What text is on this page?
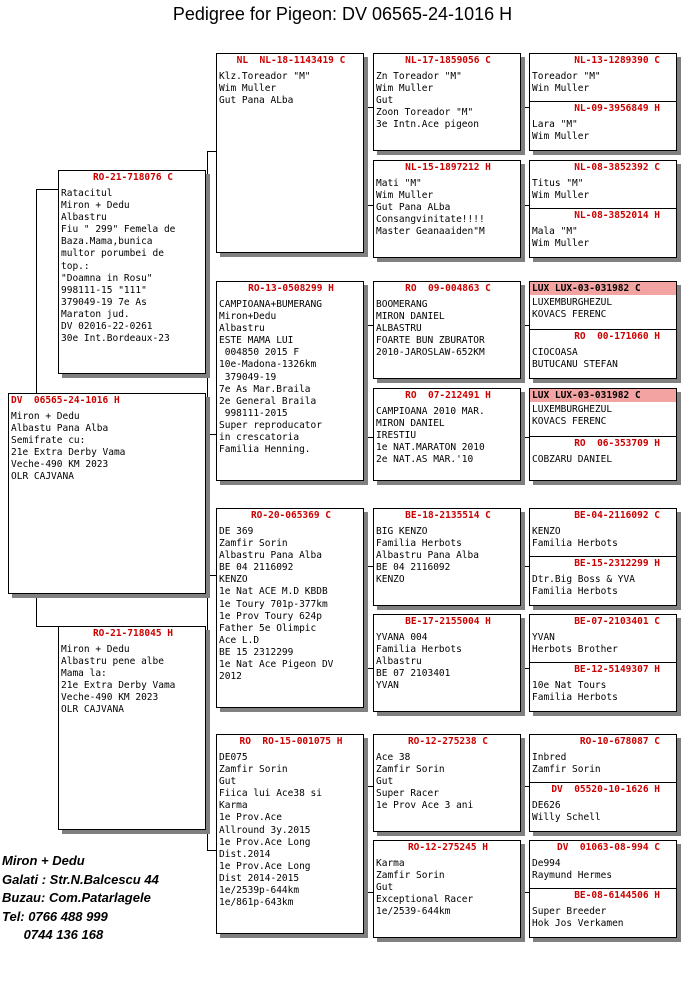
Pedigree for Pigeon: DV 06565-24-1016 H
DV  06565-24-1016 H
Miron + Dedu
Albastu Pana Alba
Semifrate cu:
21e Extra Derby Vama
Veche-490 KM 2023
OLR CAJVANA
RO-21-718076 C
Ratacitul
Miron + Dedu
Albastru
Fiu " 299" Femela de
Baza.Mama,bunica
multor porumbei de
top.:
"Doamna in Rosu"
998111-15 "111"
379049-19 7e As
Maraton jud.
DV 02016-22-0261
30e Int.Bordeaux-23
RO-21-718045 H
Miron + Dedu
Albastru pene albe
Mama la:
21e Extra Derby Vama
Veche-490 KM 2023
OLR CAJVANA
NL  NL-18-1143419 C
Klz.Toreador "M"
Wim Muller
Gut Pana ALba
RO-13-0508299 H
CAMPIOANA+BUMERANG
Miron+Dedu
Albastru
ESTE MAMA LUI
004850 2015 F
10e-Madona-1326km
379049-19
7e As Mar.Braila
2e General Braila
998111-2015
Super reproducator
in crescatoria
Familia Henning.
RO-20-065369 C
DE 369
Zamfir Sorin
Albastru Pana Alba
BE 04 2116092
KENZO
1e Nat ACE M.D KBDB
1e Toury 701p-377km
1e Prov Toury 624p
Father 5e Olimpic
Ace L.D
BE 15 2312299
1e Nat Ace Pigeon DV
2012
RO  RO-15-001075 H
DE075
Zamfir Sorin
Gut
Fiica lui Ace38 si
Karma
1e Prov.Ace
Allround 3y.2015
1e Prov.Ace Long
Dist.2014
1e Prov.Ace Long
Dist 2014-2015
1e/2539p-644km
1e/861p-643km
NL-17-1859056 C
Zn Toreador "M"
Wim Muller
Gut
Zoon Toreador "M"
3e Intn.Ace pigeon
NL-15-1897212 H
Mati "M"
Wim Muller
Gut Pana ALba
Consangvinitate!!!!
Master Geanaaiden"M
RO  09-004863 C
BOOMERANG
MIRON DANIEL
ALBASTRU
FOARTE BUN ZBURATOR
2010-JAROSLAW-652KM
RO  07-212491 H
CAMPIOANA 2010 MAR.
MIRON DANIEL
IRESTIU
1e NAT.MARATON 2010
2e NAT.AS MAR.'10
BE-18-2135514 C
BIG KENZO
Familia Herbots
Albastru Pana Alba
BE 04 2116092
KENZO
BE-17-2155004 H
YVANA 004
Familia Herbots
Albastru
BE 07 2103401
YVAN
RO-12-275238 C
Ace 38
Zamfir Sorin
Gut
Super Racer
1e Prov Ace 3 ani
RO-12-275245 H
Karma
Zamfir Sorin
Gut
Exceptional Racer
1e/2539-644km
NL-13-1289390 C
Toreador "M"
Win Muller
NL-09-3956849 H
Lara "M"
Wim Muller
NL-08-3852392 C
Titus "M"
Wim Muller
NL-08-3852014 H
Mala "M"
Wim Muller
LUX LUX-03-031982 C
LUXEMBURGHEZUL
KOVACS FERENC
RO  00-171060 H
CIOCOASA
BUTUCANU STEFAN
LUX LUX-03-031982 C
LUXEMBURGHEZUL
KOVACS FERENC
RO  06-353709 H
COBZARU DANIEL
BE-04-2116092 C
KENZO
Familia Herbots
BE-15-2312299 H
Dtr.Big Boss & YVA
Familia Herbots
BE-07-2103401 C
YVAN
Herbots Brother
BE-12-5149307 H
10e Nat Tours
Familia Herbots
RO-10-678087 C
Inbred
Zamfir Sorin
DV  05520-10-1626 H
DE626
Willy Schell
DV  01063-08-994 C
De994
Raymund Hermes
BE-08-6144506 H
Super Breeder
Hok Jos Verkamen
Miron + Dedu
Galati : Str.N.Balcescu 44
Buzau: Com.Patarlagele
Tel: 0766 488 999
0744 136 168
